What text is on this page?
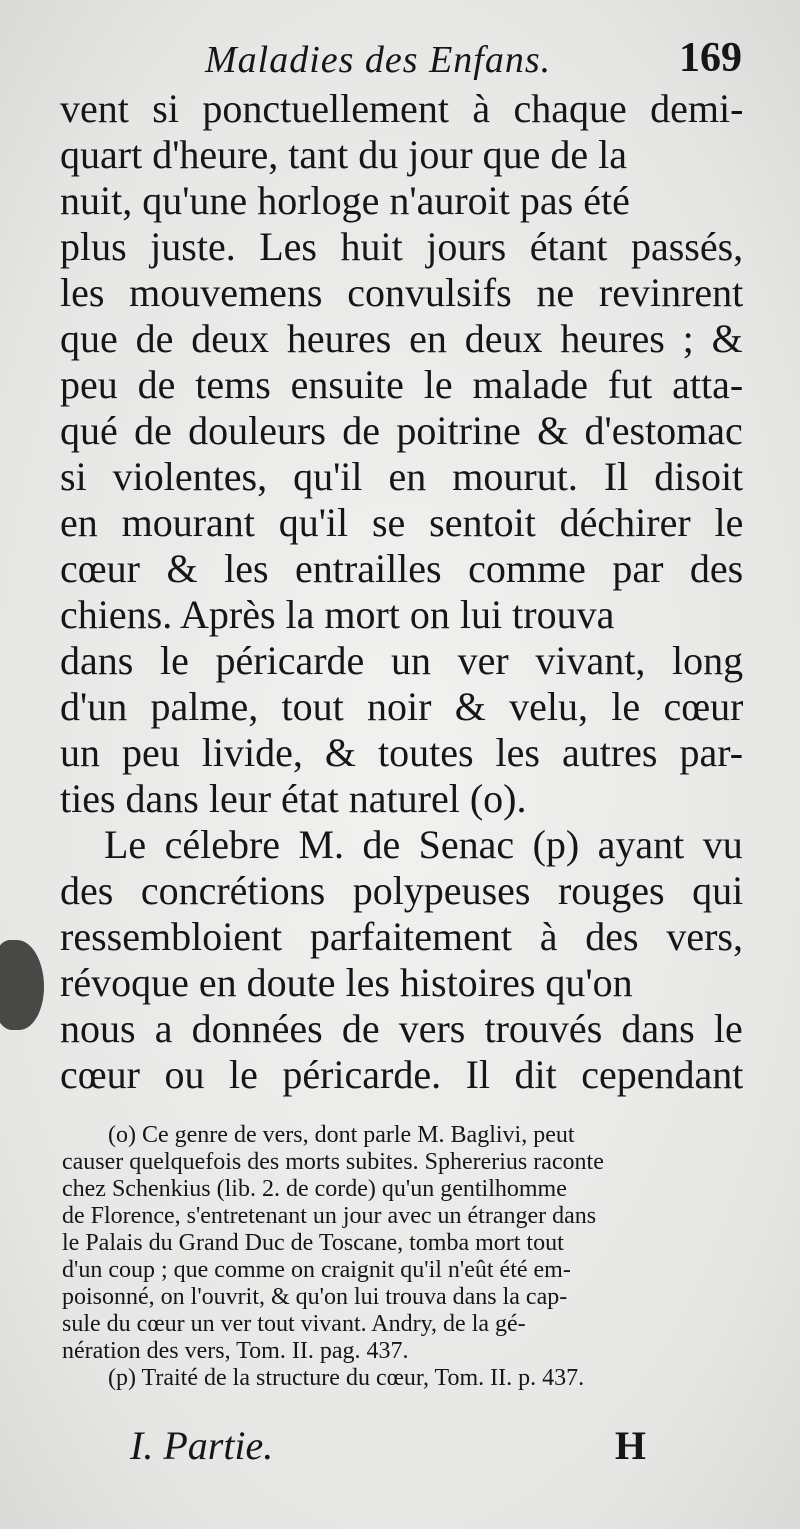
Maladies des Enfans.	169
vent si ponctuellement à chaque demi-
quart d'heure, tant du jour que de la
nuit, qu'une horloge n'auroit pas été
plus juste. Les huit jours étant passés,
les mouvemens convulsifs ne revinrent
que de deux heures en deux heures ; &
peu de tems ensuite le malade fut atta-
qué de douleurs de poitrine & d'estomac
si violentes, qu'il en mourut. Il disoit
en mourant qu'il se sentoit déchirer le
cœur & les entrailles comme par des
chiens. Après la mort on lui trouva
dans le péricarde un ver vivant, long
d'un palme, tout noir & velu, le cœur
un peu livide, & toutes les autres par-
ties dans leur état naturel (o).
Le célebre M. de Senac (p) ayant vu
des concrétions polypeuses rouges qui
ressembloient parfaitement à des vers,
révoque en doute les histoires qu'on
nous a données de vers trouvés dans le
cœur ou le péricarde. Il dit cependant
(o) Ce genre de vers, dont parle M. Baglivi, peut
causer quelquefois des morts subites. Sphererius raconte
chez Schenkius (lib. 2. de corde) qu'un gentilhomme
de Florence, s'entretenant un jour avec un étranger dans
le Palais du Grand Duc de Toscane, tomba mort tout
d'un coup ; que comme on craignit qu'il n'eût été em-
poisonné, on l'ouvrit, & qu'on lui trouva dans la cap-
sule du cœur un ver tout vivant. Andry, de la gé-
nération des vers, Tom. II. pag. 437.
(p) Traité de la structure du cœur, Tom. II. p. 437.
I. Partie.	H
